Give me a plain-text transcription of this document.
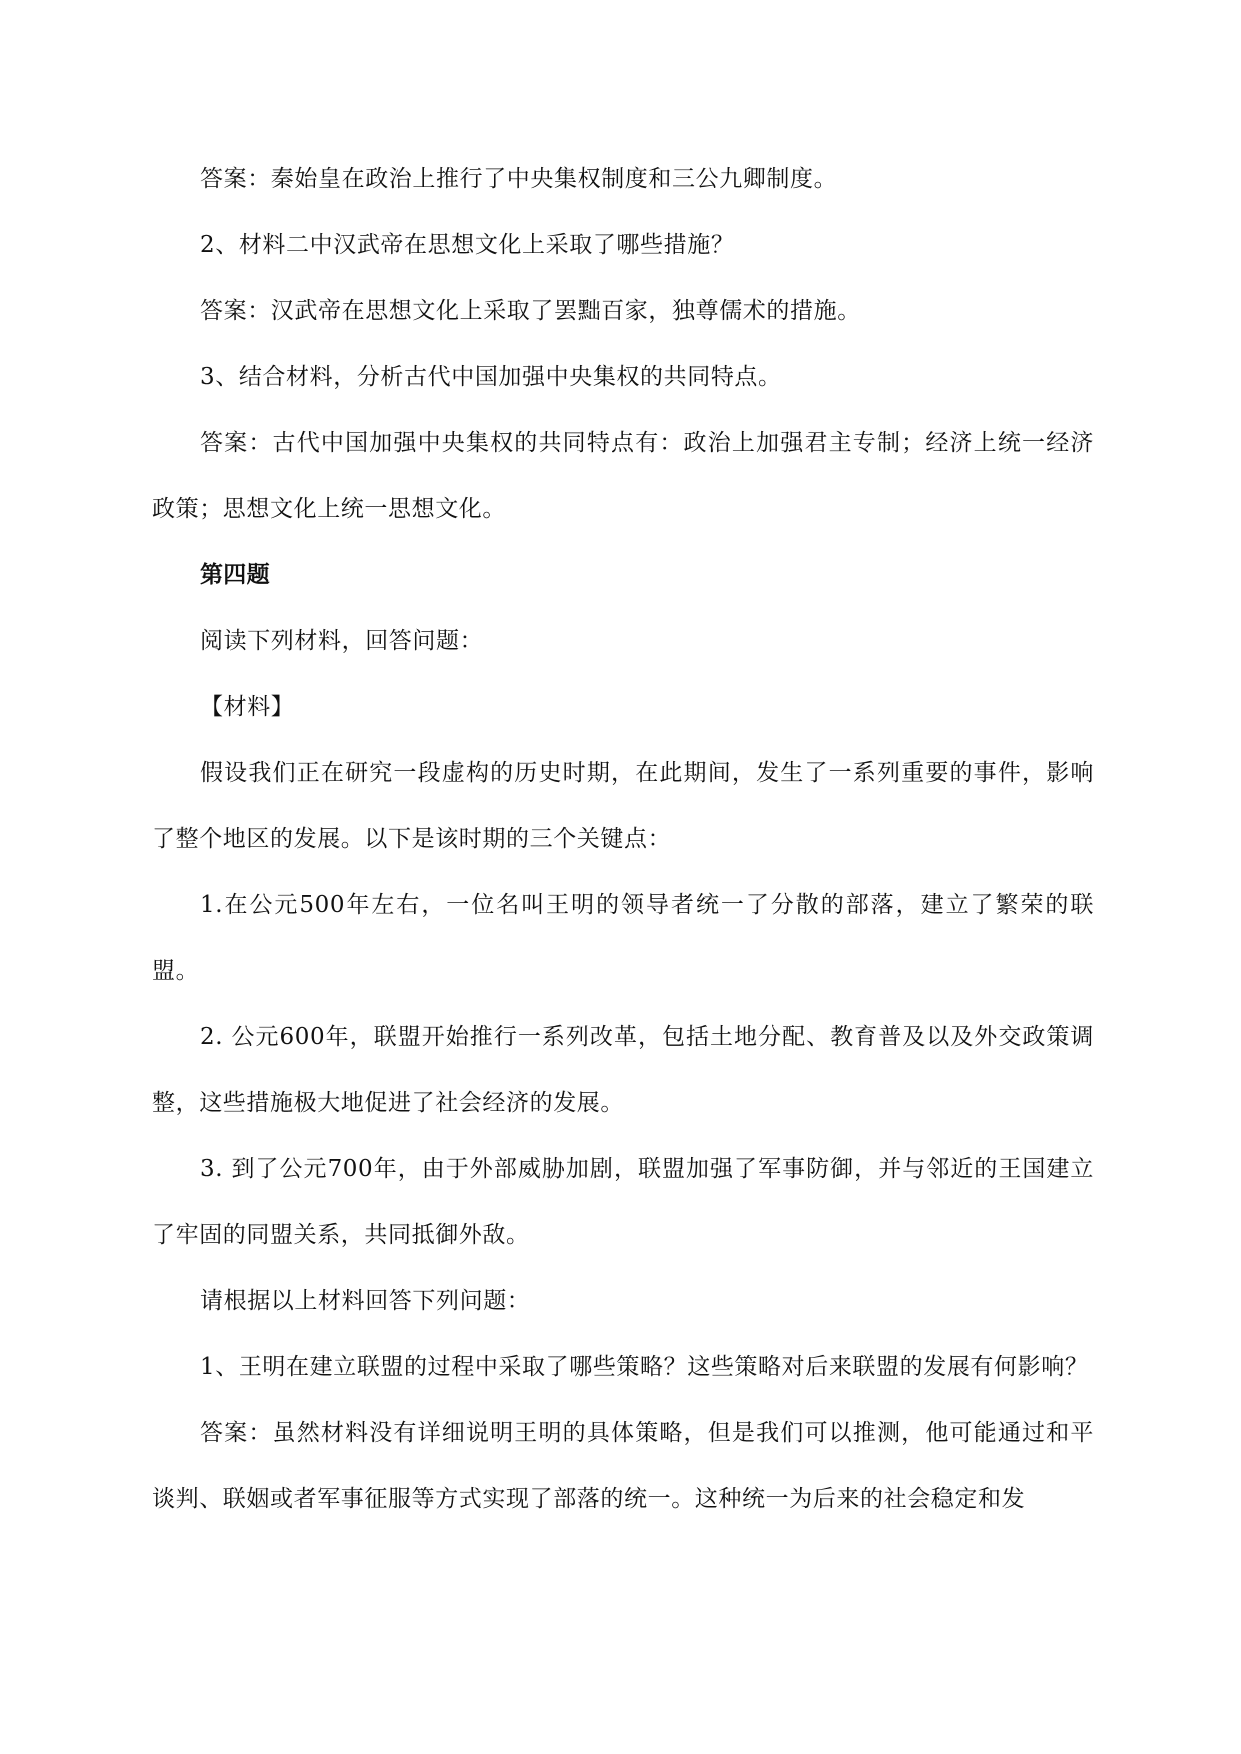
答案：秦始皇在政治上推行了中央集权制度和三公九卿制度。

2、材料二中汉武帝在思想文化上采取了哪些措施？

答案：汉武帝在思想文化上采取了罢黜百家，独尊儒术的措施。

3、结合材料，分析古代中国加强中央集权的共同特点。

答案：古代中国加强中央集权的共同特点有：政治上加强君主专制；经济上统一经济政策；思想文化上统一思想文化。

第四题

阅读下列材料，回答问题：

【材料】

假设我们正在研究一段虚构的历史时期，在此期间，发生了一系列重要的事件，影响了整个地区的发展。以下是该时期的三个关键点：

1.在公元500年左右，一位名叫王明的领导者统一了分散的部落，建立了繁荣的联盟。

2. 公元600年，联盟开始推行一系列改革，包括土地分配、教育普及以及外交政策调整，这些措施极大地促进了社会经济的发展。

3. 到了公元700年，由于外部威胁加剧，联盟加强了军事防御，并与邻近的王国建立了牢固的同盟关系，共同抵御外敌。

请根据以上材料回答下列问题：

1、王明在建立联盟的过程中采取了哪些策略？这些策略对后来联盟的发展有何影响？

答案：虽然材料没有详细说明王明的具体策略，但是我们可以推测，他可能通过和平谈判、联姻或者军事征服等方式实现了部落的统一。这种统一为后来的社会稳定和发
